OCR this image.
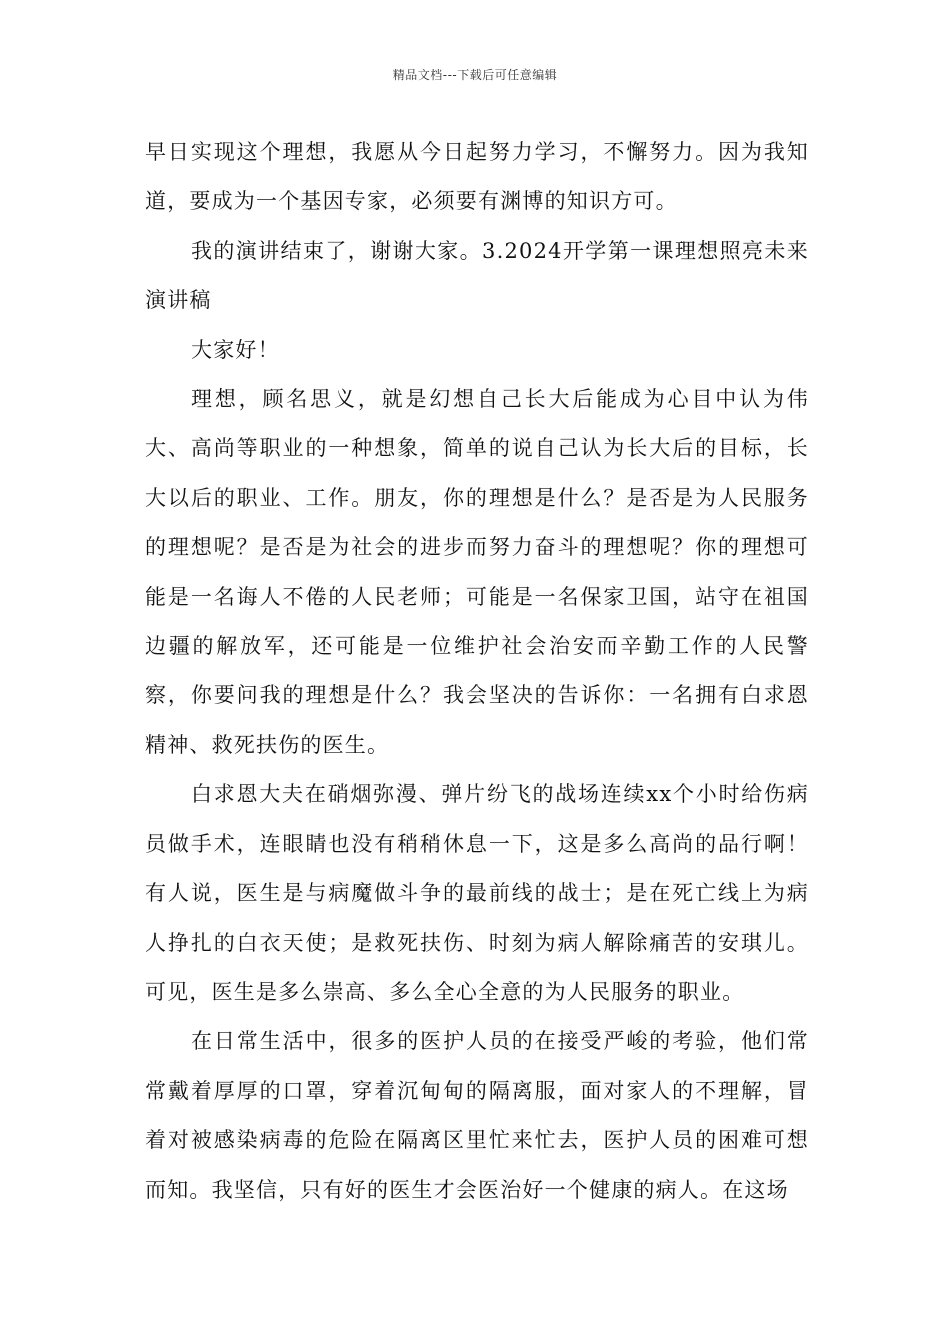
精品文档---下载后可任意编辑

早日实现这个理想，我愿从今日起努力学习，不懈努力。因为我知道，要成为一个基因专家，必须要有渊博的知识方可。

我的演讲结束了，谢谢大家。3.2024开学第一课理想照亮未来演讲稿

大家好！

理想，顾名思义，就是幻想自己长大后能成为心目中认为伟大、高尚等职业的一种想象，简单的说自己认为长大后的目标，长大以后的职业、工作。朋友，你的理想是什么？是否是为人民服务的理想呢？是否是为社会的进步而努力奋斗的理想呢？你的理想可能是一名诲人不倦的人民老师；可能是一名保家卫国，站守在祖国边疆的解放军，还可能是一位维护社会治安而辛勤工作的人民警察，你要问我的理想是什么？我会坚决的告诉你：一名拥有白求恩精神、救死扶伤的医生。

白求恩大夫在硝烟弥漫、弹片纷飞的战场连续xx个小时给伤病员做手术，连眼睛也没有稍稍休息一下，这是多么高尚的品行啊！有人说，医生是与病魔做斗争的最前线的战士；是在死亡线上为病人挣扎的白衣天使；是救死扶伤、时刻为病人解除痛苦的安琪儿。可见，医生是多么崇高、多么全心全意的为人民服务的职业。

在日常生活中，很多的医护人员的在接受严峻的考验，他们常常戴着厚厚的口罩，穿着沉甸甸的隔离服，面对家人的不理解，冒着对被感染病毒的危险在隔离区里忙来忙去，医护人员的困难可想而知。我坚信，只有好的医生才会医治好一个健康的病人。在这场
